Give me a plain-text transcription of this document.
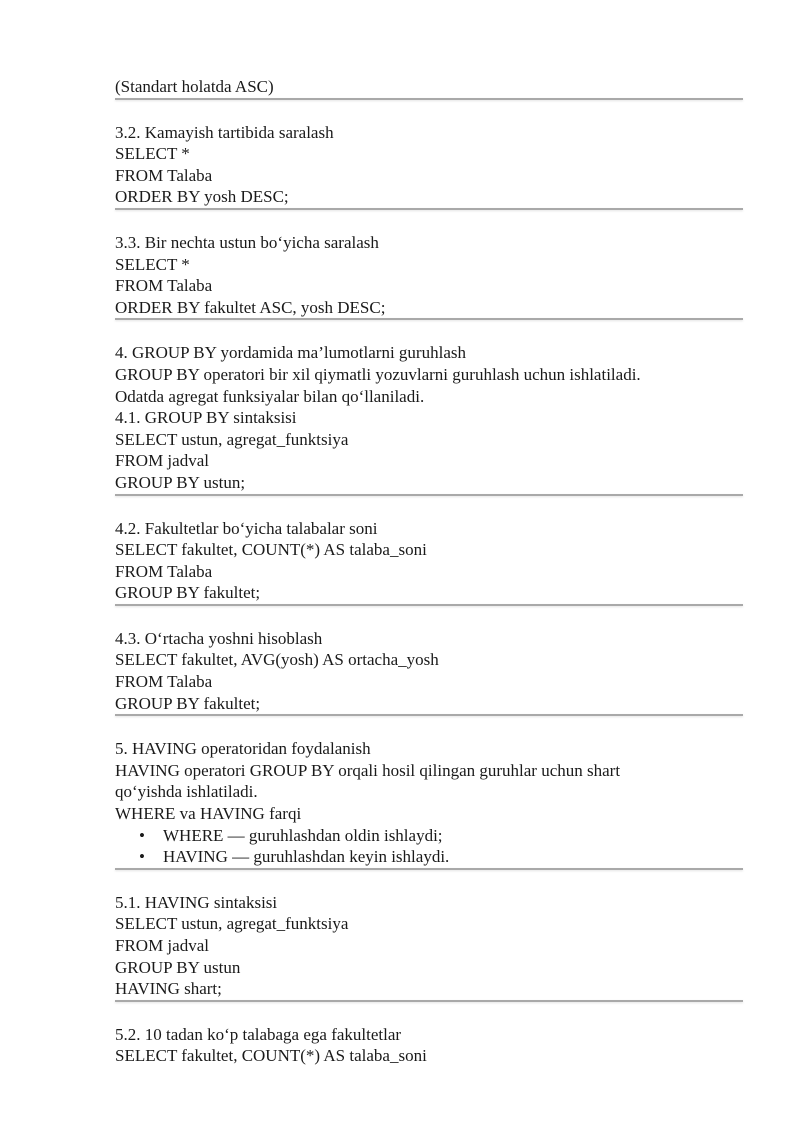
(Standart holatda ASC)
3.2. Kamayish tartibida saralash
SELECT *
FROM Talaba
ORDER BY yosh DESC;
3.3. Bir nechta ustun bo‘yicha saralash
SELECT *
FROM Talaba
ORDER BY fakultet ASC, yosh DESC;
4. GROUP BY yordamida ma’lumotlarni guruhlash
GROUP BY operatori bir xil qiymatli yozuvlarni guruhlash uchun ishlatiladi.
Odatda agregat funksiyalar bilan qo‘llaniladi.
4.1. GROUP BY sintaksisi
SELECT ustun, agregat_funktsiya
FROM jadval
GROUP BY ustun;
4.2. Fakultetlar bo‘yicha talabalar soni
SELECT fakultet, COUNT(*) AS talaba_soni
FROM Talaba
GROUP BY fakultet;
4.3. O‘rtacha yoshni hisoblash
SELECT fakultet, AVG(yosh) AS ortacha_yosh
FROM Talaba
GROUP BY fakultet;
5. HAVING operatoridan foydalanish
HAVING operatori GROUP BY orqali hosil qilingan guruhlar uchun shart
qo‘yishda ishlatiladi.
WHERE va HAVING farqi
•	WHERE — guruhlashdan oldin ishlaydi;
•	HAVING — guruhlashdan keyin ishlaydi.
5.1. HAVING sintaksisi
SELECT ustun, agregat_funktsiya
FROM jadval
GROUP BY ustun
HAVING shart;
5.2. 10 tadan ko‘p talabaga ega fakultetlar
SELECT fakultet, COUNT(*) AS talaba_soni
